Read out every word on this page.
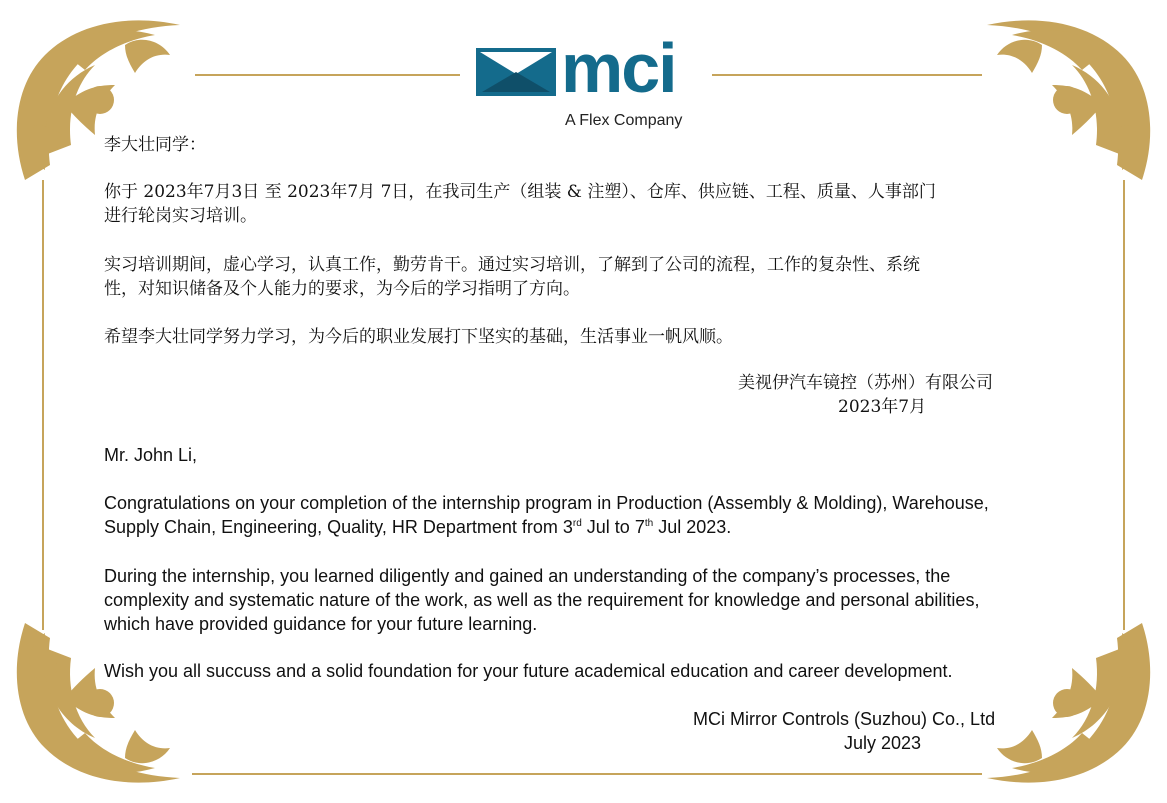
mci
A Flex Company
李大壮同学：
你于 2023年7月3日 至 2023年7月 7日，在我司生产（组装 & 注塑）、仓库、供应链、工程、质量、人事部门
进行轮岗实习培训。
实习培训期间，虚心学习，认真工作，勤劳肯干。通过实习培训，了解到了公司的流程，工作的复杂性、系统
性，对知识储备及个人能力的要求，为今后的学习指明了方向。
希望李大壮同学努力学习，为今后的职业发展打下坚实的基础，生活事业一帆风顺。
美视伊汽车镜控（苏州）有限公司
2023年7月
Mr. John Li,
Congratulations on your completion of the internship program in Production (Assembly & Molding), Warehouse,
Supply Chain, Engineering, Quality, HR Department from 3rd Jul to 7th Jul 2023.
During the internship, you learned diligently and gained an understanding of the company’s processes, the
complexity and systematic nature of the work, as well as the requirement for knowledge and personal abilities,
which have provided guidance for your future learning.
Wish you all succuss and a solid foundation for your future academical education and career development.
MCi Mirror Controls (Suzhou) Co., Ltd
July 2023
